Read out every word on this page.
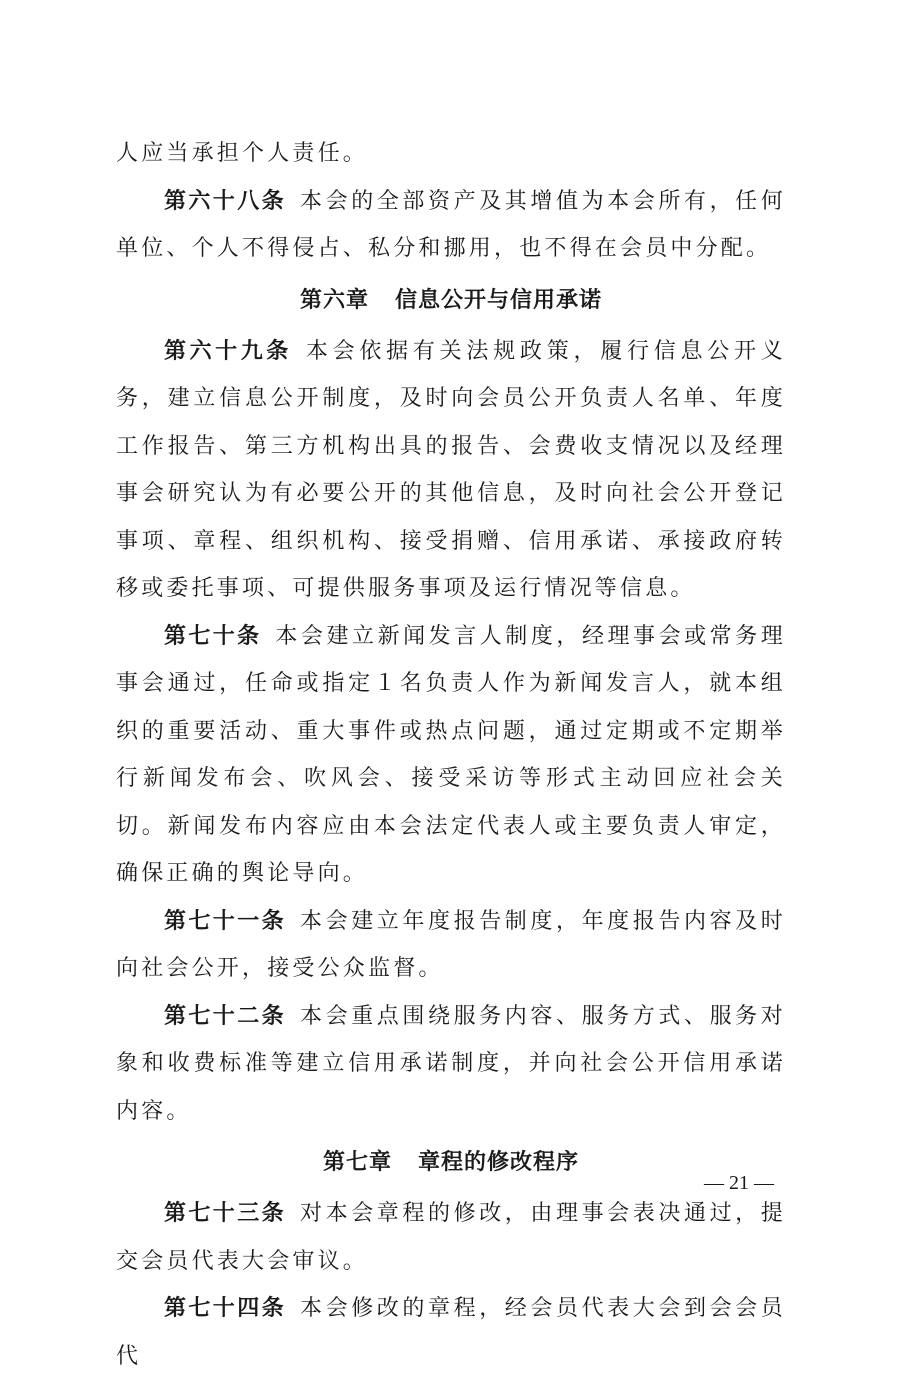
人应当承担个人责任。

第六十八条 本会的全部资产及其增值为本会所有，任何单位、个人不得侵占、私分和挪用，也不得在会员中分配。

第六章 信息公开与信用承诺

第六十九条 本会依据有关法规政策，履行信息公开义务，建立信息公开制度，及时向会员公开负责人名单、年度工作报告、第三方机构出具的报告、会费收支情况以及经理事会研究认为有必要公开的其他信息，及时向社会公开登记事项、章程、组织机构、接受捐赠、信用承诺、承接政府转移或委托事项、可提供服务事项及运行情况等信息。

第七十条 本会建立新闻发言人制度，经理事会或常务理事会通过，任命或指定１名负责人作为新闻发言人，就本组织的重要活动、重大事件或热点问题，通过定期或不定期举行新闻发布会、吹风会、接受采访等形式主动回应社会关切。新闻发布内容应由本会法定代表人或主要负责人审定，确保正确的舆论导向。

第七十一条 本会建立年度报告制度，年度报告内容及时向社会公开，接受公众监督。

第七十二条 本会重点围绕服务内容、服务方式、服务对象和收费标准等建立信用承诺制度，并向社会公开信用承诺内容。

第七章 章程的修改程序

第七十三条 对本会章程的修改，由理事会表决通过，提交会员代表大会审议。

第七十四条 本会修改的章程，经会员代表大会到会会员代

— 21 —
